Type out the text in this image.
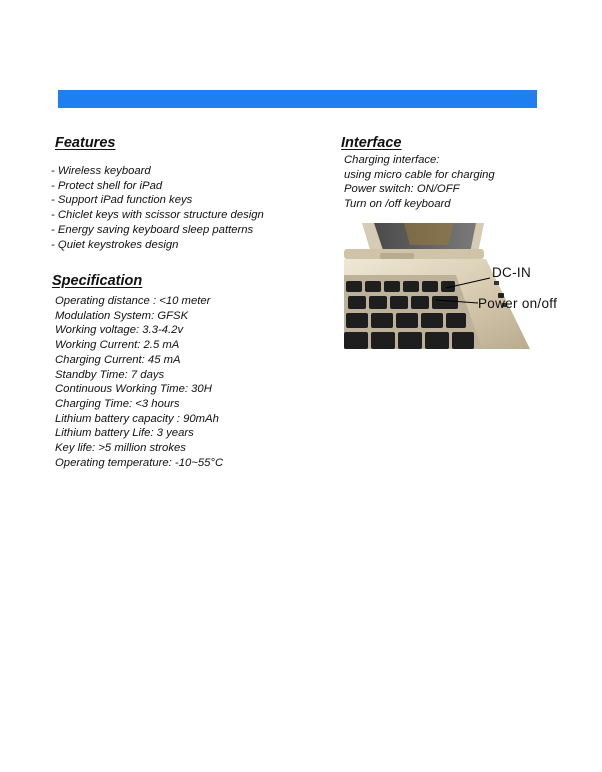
Features
- Wireless keyboard
- Protect shell for iPad
- Support iPad function keys
- Chiclet keys with scissor structure design
- Energy saving keyboard sleep patterns
- Quiet keystrokes design
Specification
Operating distance : <10 meter
Modulation System: GFSK
Working voltage: 3.3-4.2v
Working Current: 2.5 mA
Charging Current: 45 mA
Standby Time: 7 days
Continuous Working Time: 30H
Charging Time: <3 hours
Lithium battery capacity : 90mAh
Lithium battery Life: 3 years
Key life: >5 million strokes
Operating temperature: -10~55°C
Interface
Charging interface:
using micro cable for charging
Power switch: ON/OFF
Turn on /off keyboard
DC-IN
Power on/off
